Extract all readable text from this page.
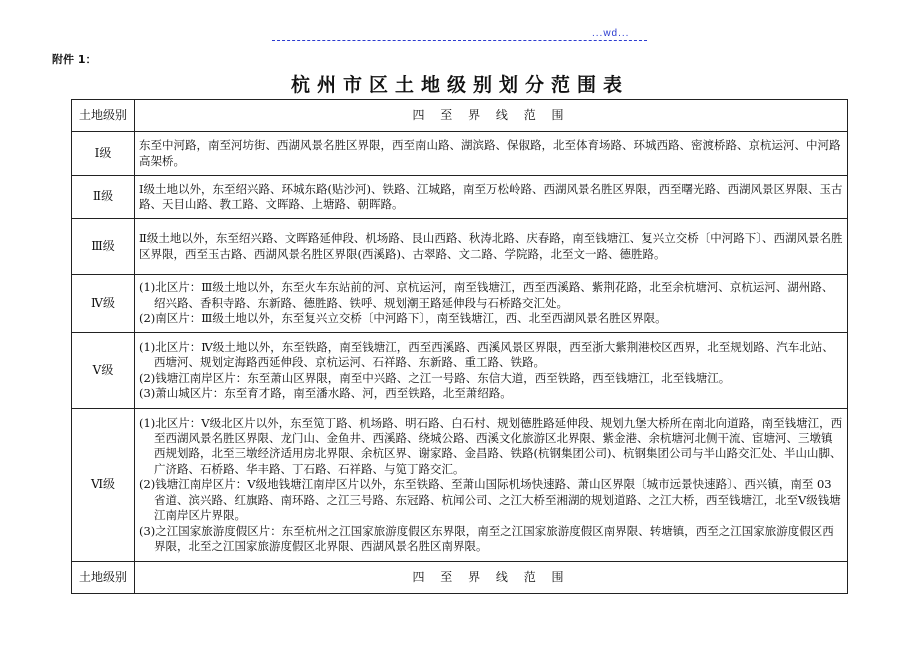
...wd...
附件 1：
杭州市区土地级别划分范围表
土地级别	四 至 界 线 范 围
Ⅰ级	东至中河路，南至河坊街、西湖风景名胜区界限，西至南山路、湖滨路、保俶路，北至体育场路、环城西路、密渡桥路、京杭运河、中河路高架桥。

Ⅱ级	Ⅰ级土地以外，东至绍兴路、环城东路(贴沙河)、铁路、江城路，南至万松岭路、西湖风景名胜区界限，西至曙光路、西湖风景区界限、玉古路、天目山路、教工路、文晖路、上塘路、朝晖路。

Ⅲ级	Ⅱ级土地以外，东至绍兴路、文晖路延伸段、机场路、艮山西路、秋涛北路、庆春路，南至钱塘江、复兴立交桥〔中河路下〕、西湖风景名胜区界限，西至玉古路、西湖风景名胜区界限(西溪路)、古翠路、文二路、学院路，北至文一路、德胜路。

Ⅳ级	(1)北区片：Ⅲ级土地以外，东至火车东站前的河、京杭运河，南至钱塘江，西至西溪路、紫荆花路，北至余杭塘河、京杭运河、湖州路、绍兴路、香积寺路、东新路、德胜路、铁呼、规划潮王路延伸段与石桥路交汇处。
(2)南区片：Ⅲ级土地以外，东至复兴立交桥〔中河路下〕，南至钱塘江，西、北至西湖风景名胜区界限。

Ⅴ级	(1)北区片：Ⅳ级土地以外，东至铁路，南至钱塘江，西至西溪路、西溪风景区界限，西至浙大紫荆港校区西界，北至规划路、汽车北站、西塘河、规划定海路西延伸段、京杭运河、石祥路、东新路、重工路、铁路。
(2)钱塘江南岸区片：东至萧山区界限，南至中兴路、之江一号路、东信大道，西至铁路，西至钱塘江，北至钱塘江。
(3)萧山城区片：东至育才路，南至潘水路、河，西至铁路，北至萧绍路。

Ⅵ级	(1)北区片：Ⅴ级北区片以外，东至笕丁路、机场路、明石路、白石村、规划德胜路延伸段、规划九堡大桥所在南北向道路，南至钱塘江，西至西湖风景名胜区界限、龙门山、金鱼井、西溪路、绕城公路、西溪文化旅游区北界限、紫金港、余杭塘河北侧干流、宦塘河、三墩镇西规划路，北至三墩经济适用房北界限、余杭区界、谢家路、金昌路、铁路(杭钢集团公司)、杭钢集团公司与半山路交汇处、半山山脚、广济路、石桥路、华丰路、丁石路、石祥路、与笕丁路交汇。
(2)钱塘江南岸区片：Ⅴ级地钱塘江南岸区片以外，东至铁路、至萧山国际机场快速路、萧山区界限〔城市远景快速路〕、西兴镇，南至 03 省道、滨兴路、红旗路、南环路、之江三号路、东冠路、杭闻公司、之江大桥至湘湖的规划道路、之江大桥，西至钱塘江，北至Ⅴ级钱塘江南岸区片界限。
(3)之江国家旅游度假区片：东至杭州之江国家旅游度假区东界限，南至之江国家旅游度假区南界限、转塘镇，西至之江国家旅游度假区西界限，北至之江国家旅游度假区北界限、西湖风景名胜区南界限。

土地级别	四 至 界 线 范 围
